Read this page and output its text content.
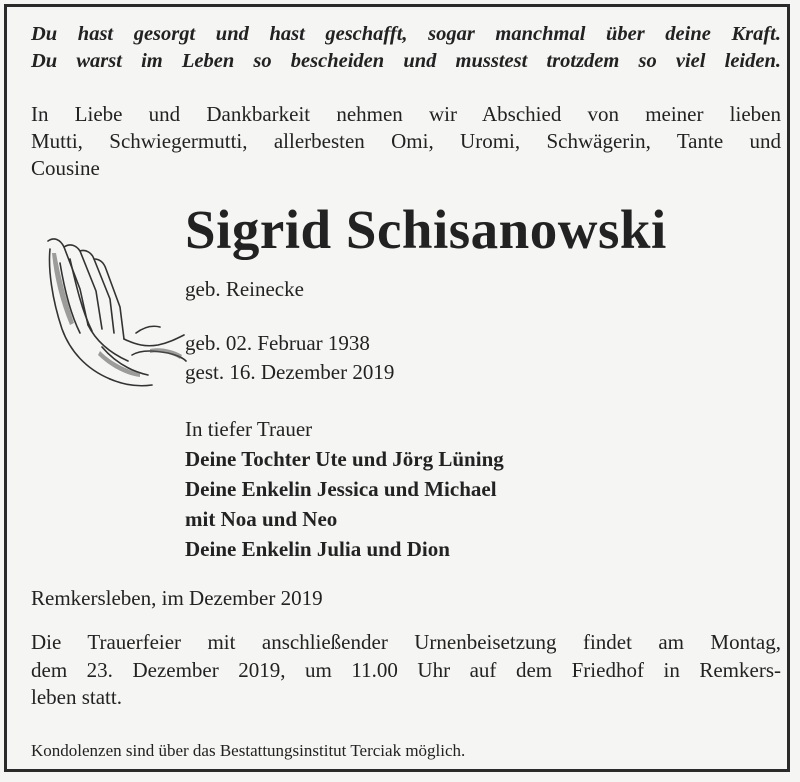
Du hast gesorgt und hast geschafft, sogar manchmal über deine Kraft.
Du warst im Leben so bescheiden und musstest trotzdem so viel leiden.
In Liebe und Dankbarkeit nehmen wir Abschied von meiner lieben
Mutti, Schwiegermutti, allerbesten Omi, Uromi, Schwägerin, Tante und
Cousine
Sigrid Schisanowski
geb. Reinecke
geb. 02. Februar 1938
gest. 16. Dezember 2019
In tiefer Trauer
Deine Tochter Ute und Jörg Lüning
Deine Enkelin Jessica und Michael
mit Noa und Neo
Deine Enkelin Julia und Dion
Remkersleben, im Dezember 2019
Die Trauerfeier mit anschließender Urnenbeisetzung findet am Montag,
dem 23. Dezember 2019, um 11.00 Uhr auf dem Friedhof in Remkers-
leben statt.
Kondolenzen sind über das Bestattungsinstitut Terciak möglich.
